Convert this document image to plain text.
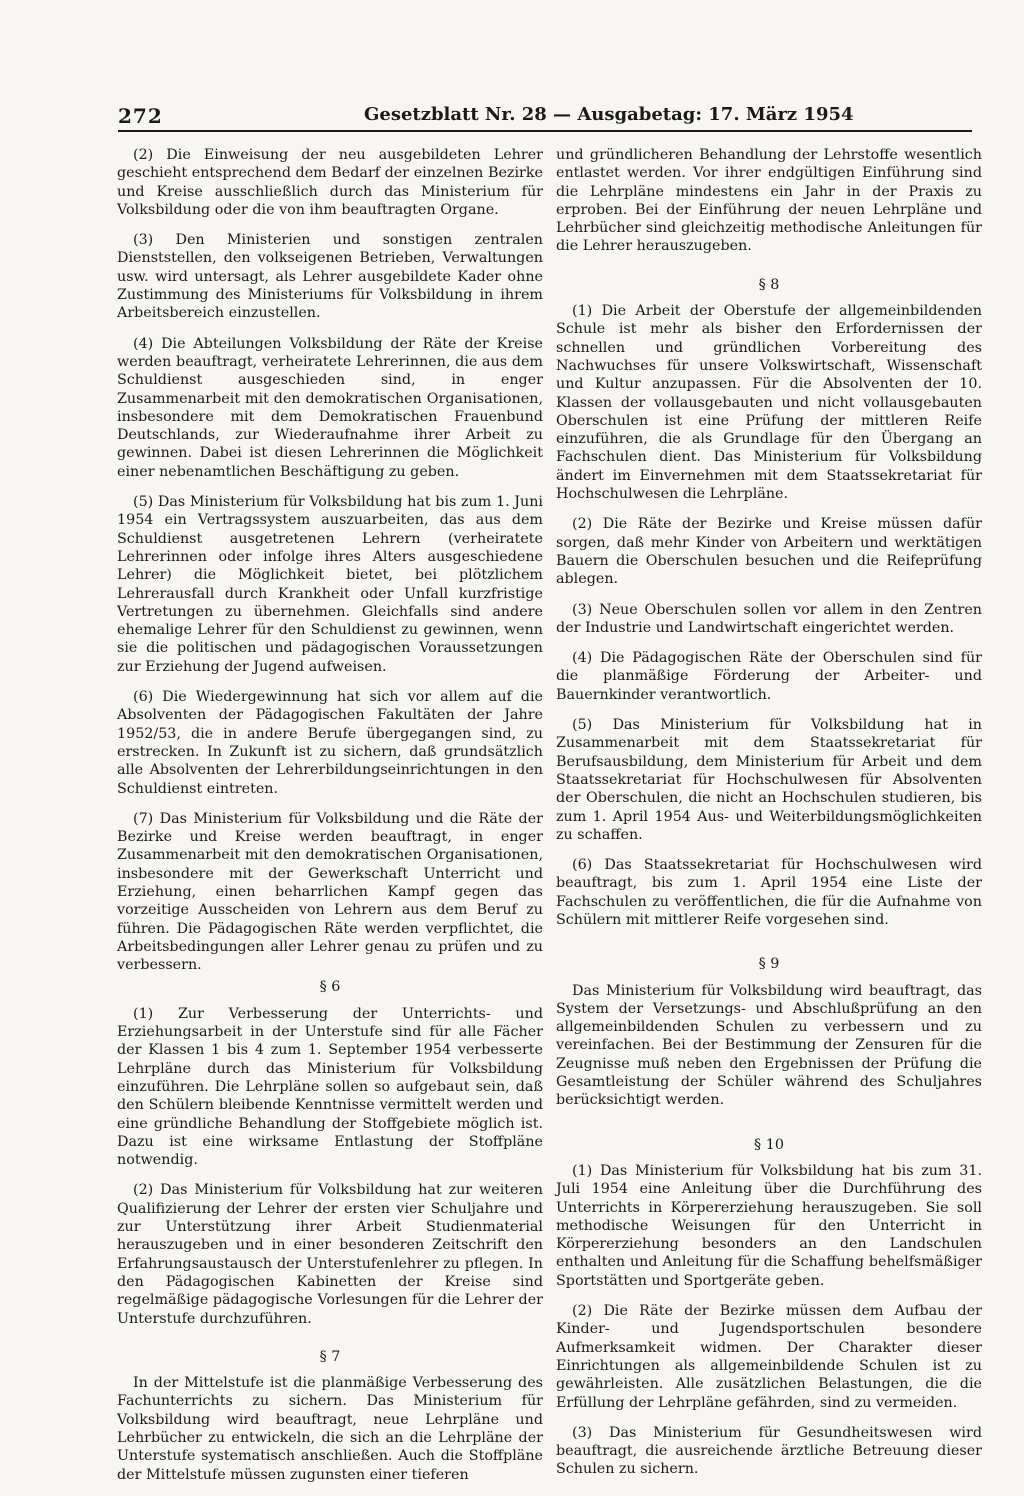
272	Gesetzblatt Nr. 28 — Ausgabetag: 17. März 1954

(2) Die Einweisung der neu ausgebildeten Lehrer geschieht entsprechend dem Bedarf der einzelnen Bezirke und Kreise ausschließlich durch das Ministerium für Volksbildung oder die von ihm beauftragten Organe.

(3) Den Ministerien und sonstigen zentralen Dienststellen, den volkseigenen Betrieben, Verwaltungen usw. wird untersagt, als Lehrer ausgebildete Kader ohne Zustimmung des Ministeriums für Volksbildung in ihrem Arbeitsbereich einzustellen.

(4) Die Abteilungen Volksbildung der Räte der Kreise werden beauftragt, verheiratete Lehrerinnen, die aus dem Schuldienst ausgeschieden sind, in enger Zusammenarbeit mit den demokratischen Organisationen, insbesondere mit dem Demokratischen Frauenbund Deutschlands, zur Wiederaufnahme ihrer Arbeit zu gewinnen. Dabei ist diesen Lehrerinnen die Möglichkeit einer nebenamtlichen Beschäftigung zu geben.

(5) Das Ministerium für Volksbildung hat bis zum 1. Juni 1954 ein Vertragssystem auszuarbeiten, das aus dem Schuldienst ausgetretenen Lehrern (verheiratete Lehrerinnen oder infolge ihres Alters ausgeschiedene Lehrer) die Möglichkeit bietet, bei plötzlichem Lehrerausfall durch Krankheit oder Unfall kurzfristige Vertretungen zu übernehmen. Gleichfalls sind andere ehemalige Lehrer für den Schuldienst zu gewinnen, wenn sie die politischen und pädagogischen Voraussetzungen zur Erziehung der Jugend aufweisen.

(6) Die Wiedergewinnung hat sich vor allem auf die Absolventen der Pädagogischen Fakultäten der Jahre 1952/53, die in andere Berufe übergegangen sind, zu erstrecken. In Zukunft ist zu sichern, daß grundsätzlich alle Absolventen der Lehrerbildungseinrichtungen in den Schuldienst eintreten.

(7) Das Ministerium für Volksbildung und die Räte der Bezirke und Kreise werden beauftragt, in enger Zusammenarbeit mit den demokratischen Organisationen, insbesondere mit der Gewerkschaft Unterricht und Erziehung, einen beharrlichen Kampf gegen das vorzeitige Ausscheiden von Lehrern aus dem Beruf zu führen. Die Pädagogischen Räte werden verpflichtet, die Arbeitsbedingungen aller Lehrer genau zu prüfen und zu verbessern.

§ 6

(1) Zur Verbesserung der Unterrichts- und Erziehungsarbeit in der Unterstufe sind für alle Fächer der Klassen 1 bis 4 zum 1. September 1954 verbesserte Lehrpläne durch das Ministerium für Volksbildung einzuführen. Die Lehrpläne sollen so aufgebaut sein, daß den Schülern bleibende Kenntnisse vermittelt werden und eine gründliche Behandlung der Stoffgebiete möglich ist. Dazu ist eine wirksame Entlastung der Stoffpläne notwendig.

(2) Das Ministerium für Volksbildung hat zur weiteren Qualifizierung der Lehrer der ersten vier Schuljahre und zur Unterstützung ihrer Arbeit Studienmaterial herauszugeben und in einer besonderen Zeitschrift den Erfahrungsaustausch der Unterstufenlehrer zu pflegen. In den Pädagogischen Kabinetten der Kreise sind regelmäßige pädagogische Vorlesungen für die Lehrer der Unterstufe durchzuführen.

§ 7

In der Mittelstufe ist die planmäßige Verbesserung des Fachunterrichts zu sichern. Das Ministerium für Volksbildung wird beauftragt, neue Lehrpläne und Lehrbücher zu entwickeln, die sich an die Lehrpläne der Unterstufe systematisch anschließen. Auch die Stoffpläne der Mittelstufe müssen zugunsten einer tieferen

und gründlicheren Behandlung der Lehrstoffe wesentlich entlastet werden. Vor ihrer endgültigen Einführung sind die Lehrpläne mindestens ein Jahr in der Praxis zu erproben. Bei der Einführung der neuen Lehrpläne und Lehrbücher sind gleichzeitig methodische Anleitungen für die Lehrer herauszugeben.

§ 8

(1) Die Arbeit der Oberstufe der allgemeinbildenden Schule ist mehr als bisher den Erfordernissen der schnellen und gründlichen Vorbereitung des Nachwuchses für unsere Volkswirtschaft, Wissenschaft und Kultur anzupassen. Für die Absolventen der 10. Klassen der vollausgebauten und nicht vollausgebauten Oberschulen ist eine Prüfung der mittleren Reife einzuführen, die als Grundlage für den Übergang an Fachschulen dient. Das Ministerium für Volksbildung ändert im Einvernehmen mit dem Staatssekretariat für Hochschulwesen die Lehrpläne.

(2) Die Räte der Bezirke und Kreise müssen dafür sorgen, daß mehr Kinder von Arbeitern und werktätigen Bauern die Oberschulen besuchen und die Reifeprüfung ablegen.

(3) Neue Oberschulen sollen vor allem in den Zentren der Industrie und Landwirtschaft eingerichtet werden.

(4) Die Pädagogischen Räte der Oberschulen sind für die planmäßige Förderung der Arbeiter- und Bauernkinder verantwortlich.

(5) Das Ministerium für Volksbildung hat in Zusammenarbeit mit dem Staatssekretariat für Berufsausbildung, dem Ministerium für Arbeit und dem Staatssekretariat für Hochschulwesen für Absolventen der Oberschulen, die nicht an Hochschulen studieren, bis zum 1. April 1954 Aus- und Weiterbildungsmöglichkeiten zu schaffen.

(6) Das Staatssekretariat für Hochschulwesen wird beauftragt, bis zum 1. April 1954 eine Liste der Fachschulen zu veröffentlichen, die für die Aufnahme von Schülern mit mittlerer Reife vorgesehen sind.

§ 9

Das Ministerium für Volksbildung wird beauftragt, das System der Versetzungs- und Abschlußprüfung an den allgemeinbildenden Schulen zu verbessern und zu vereinfachen. Bei der Bestimmung der Zensuren für die Zeugnisse muß neben den Ergebnissen der Prüfung die Gesamtleistung der Schüler während des Schuljahres berücksichtigt werden.

§ 10

(1) Das Ministerium für Volksbildung hat bis zum 31. Juli 1954 eine Anleitung über die Durchführung des Unterrichts in Körpererziehung herauszugeben. Sie soll methodische Weisungen für den Unterricht in Körpererziehung besonders an den Landschulen enthalten und Anleitung für die Schaffung behelfsmäßiger Sportstätten und Sportgeräte geben.

(2) Die Räte der Bezirke müssen dem Aufbau der Kinder- und Jugendsportschulen besondere Aufmerksamkeit widmen. Der Charakter dieser Einrichtungen als allgemeinbildende Schulen ist zu gewährleisten. Alle zusätzlichen Belastungen, die die Erfüllung der Lehrpläne gefährden, sind zu vermeiden.

(3) Das Ministerium für Gesundheitswesen wird beauftragt, die ausreichende ärztliche Betreuung dieser Schulen zu sichern.
